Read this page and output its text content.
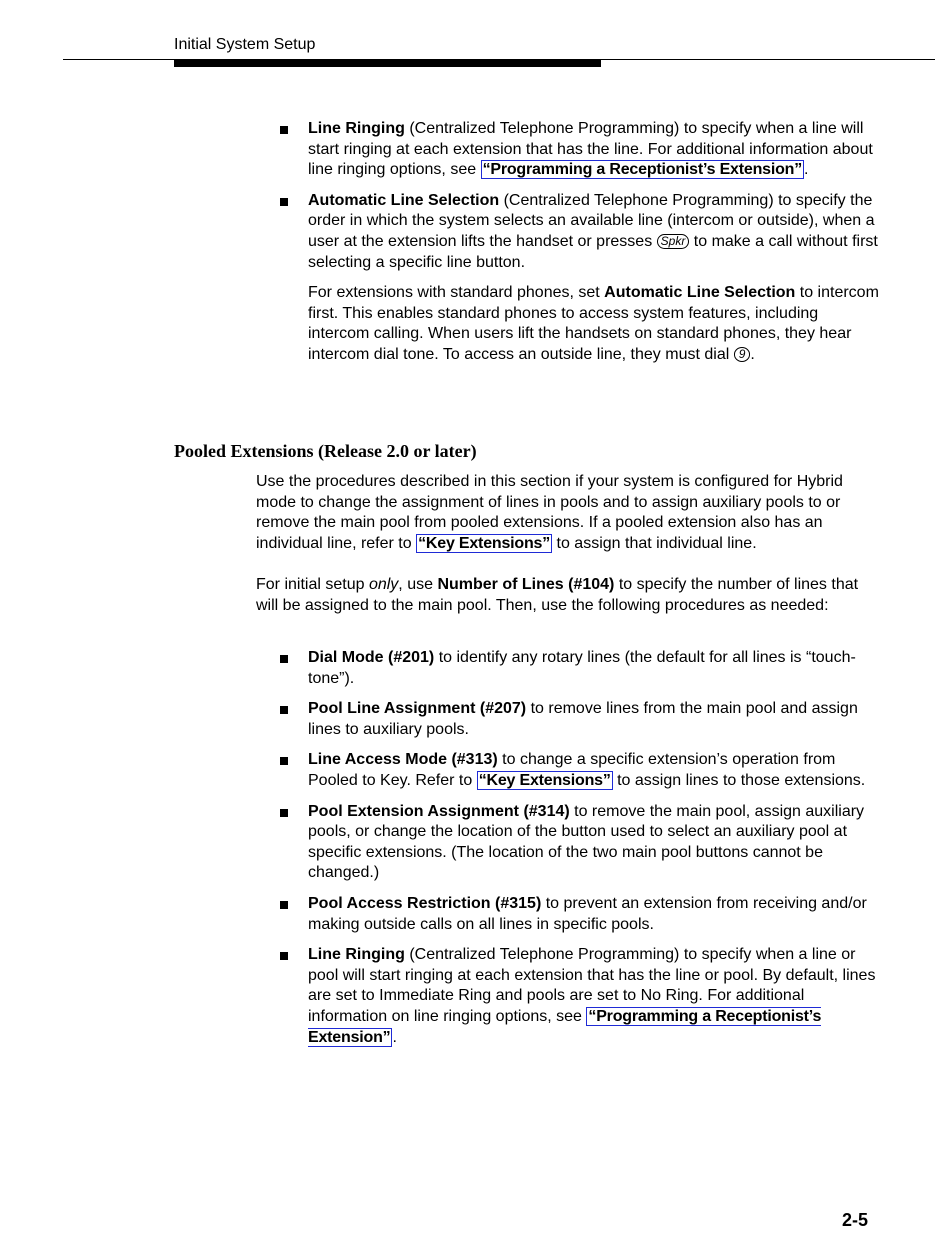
Initial System Setup
Line Ringing (Centralized Telephone Programming) to specify when a line will start ringing at each extension that has the line. For additional information about line ringing options, see “Programming a Receptionist’s Extension” .
Automatic Line Selection (Centralized Telephone Programming) to specify the order in which the system selects an available line (intercom or outside), when a user at the extension lifts the handset or presses Spkr to make a call without first selecting a specific line button.
For extensions with standard phones, set Automatic Line Selection to intercom first. This enables standard phones to access system features, including intercom calling. When users lift the handsets on standard phones, they hear intercom dial tone. To access an outside line, they must dial 9 .
Pooled Extensions (Release 2.0 or later)

Use the procedures described in this section if your system is configured for Hybrid mode to change the assignment of lines in pools and to assign auxiliary pools to or remove the main pool from pooled extensions. If a pooled extension also has an individual line, refer to “Key Extensions” to assign that individual line.

For initial setup only, use Number of Lines (#104) to specify the number of lines that will be assigned to the main pool. Then, use the following procedures as needed:

Dial Mode (#201) to identify any rotary lines (the default for all lines is “touch-tone”).
Pool Line Assignment (#207) to remove lines from the main pool and assign lines to auxiliary pools.
Line Access Mode (#313) to change a specific extension’s operation from Pooled to Key. Refer to “Key Extensions” to assign lines to those extensions.
Pool Extension Assignment (#314) to remove the main pool, assign auxiliary pools, or change the location of the button used to select an auxiliary pool at specific extensions. (The location of the two main pool buttons cannot be changed.)
Pool Access Restriction (#315) to prevent an extension from receiving and/or making outside calls on all lines in specific pools.
Line Ringing (Centralized Telephone Programming) to specify when a line or pool will start ringing at each extension that has the line or pool. By default, lines are set to Immediate Ring and pools are set to No Ring. For additional information on line ringing options, see “Programming a Receptionist’s Extension” .
2-5
